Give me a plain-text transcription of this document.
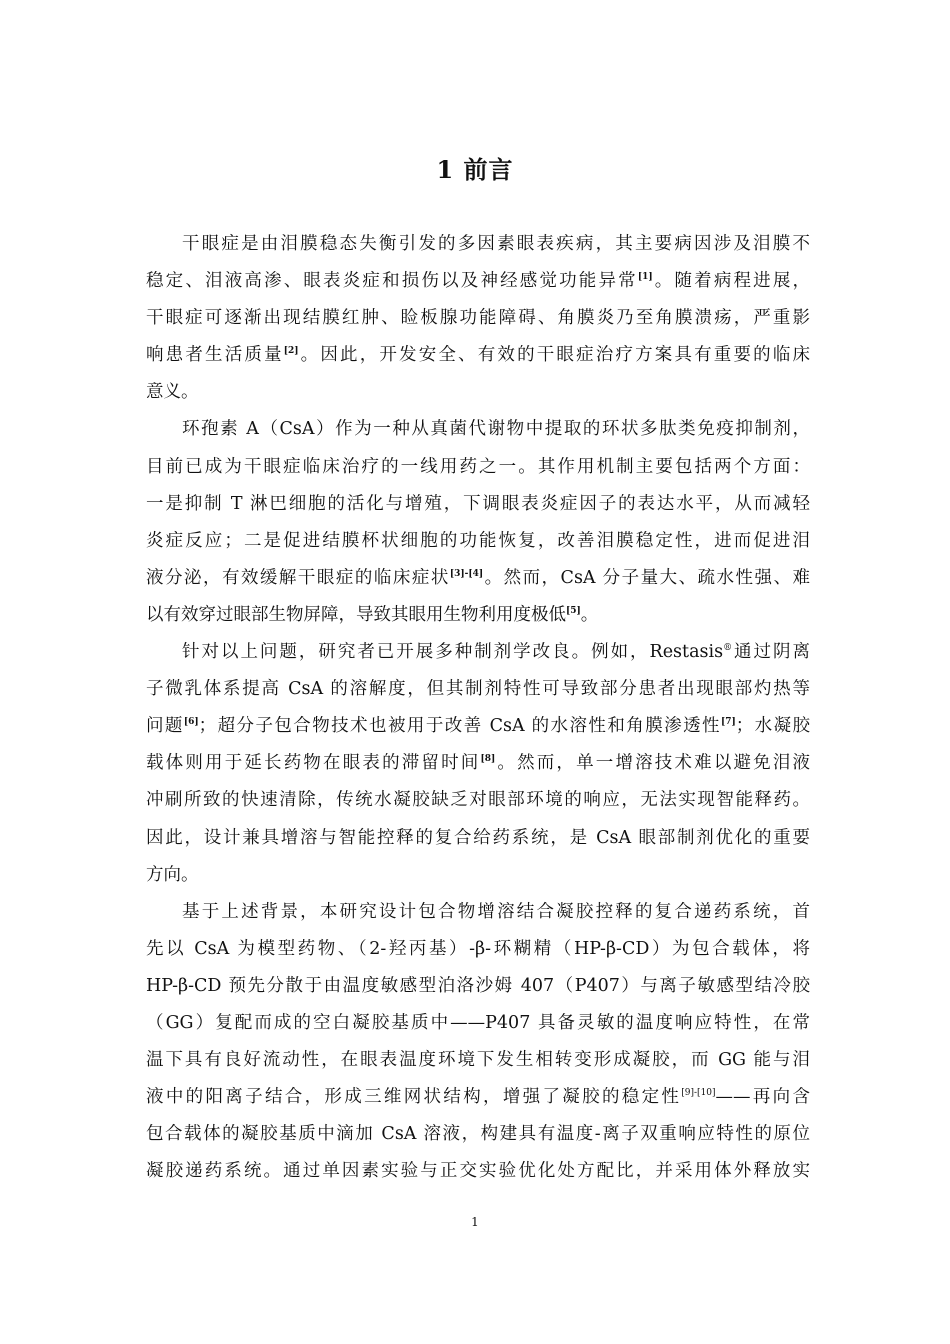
1 前言
干眼症是由泪膜稳态失衡引发的多因素眼表疾病，其主要病因涉及泪膜不
稳定、泪液高渗、眼表炎症和损伤以及神经感觉功能异常[1]。随着病程进展，
干眼症可逐渐出现结膜红肿、睑板腺功能障碍、角膜炎乃至角膜溃疡，严重影
响患者生活质量[2]。因此，开发安全、有效的干眼症治疗方案具有重要的临床
意义。
环孢素 A（CsA）作为一种从真菌代谢物中提取的环状多肽类免疫抑制剂，
目前已成为干眼症临床治疗的一线用药之一。其作用机制主要包括两个方面：
一是抑制 T 淋巴细胞的活化与增殖，下调眼表炎症因子的表达水平，从而减轻
炎症反应；二是促进结膜杯状细胞的功能恢复，改善泪膜稳定性，进而促进泪
液分泌，有效缓解干眼症的临床症状[3]-[4]。然而，CsA 分子量大、疏水性强、难
以有效穿过眼部生物屏障，导致其眼用生物利用度极低[5]。
针对以上问题，研究者已开展多种制剂学改良。例如，Restasis®通过阴离
子微乳体系提高 CsA 的溶解度，但其制剂特性可导致部分患者出现眼部灼热等
问题[6]；超分子包合物技术也被用于改善 CsA 的水溶性和角膜渗透性[7]；水凝胶
载体则用于延长药物在眼表的滞留时间[8]。然而，单一增溶技术难以避免泪液
冲刷所致的快速清除，传统水凝胶缺乏对眼部环境的响应，无法实现智能释药。
因此，设计兼具增溶与智能控释的复合给药系统，是 CsA 眼部制剂优化的重要
方向。
基于上述背景，本研究设计包合物增溶结合凝胶控释的复合递药系统，首
先以 CsA 为模型药物、（2-羟丙基）-β-环糊精（HP-β-CD）为包合载体，将
HP-β-CD 预先分散于由温度敏感型泊洛沙姆 407（P407）与离子敏感型结冷胶
（GG）复配而成的空白凝胶基质中——P407 具备灵敏的温度响应特性，在常
温下具有良好流动性，在眼表温度环境下发生相转变形成凝胶，而 GG 能与泪
液中的阳离子结合，形成三维网状结构，增强了凝胶的稳定性[9]-[10]——再向含
包合载体的凝胶基质中滴加 CsA 溶液，构建具有温度-离子双重响应特性的原位
凝胶递药系统。通过单因素实验与正交实验优化处方配比，并采用体外释放实
1
